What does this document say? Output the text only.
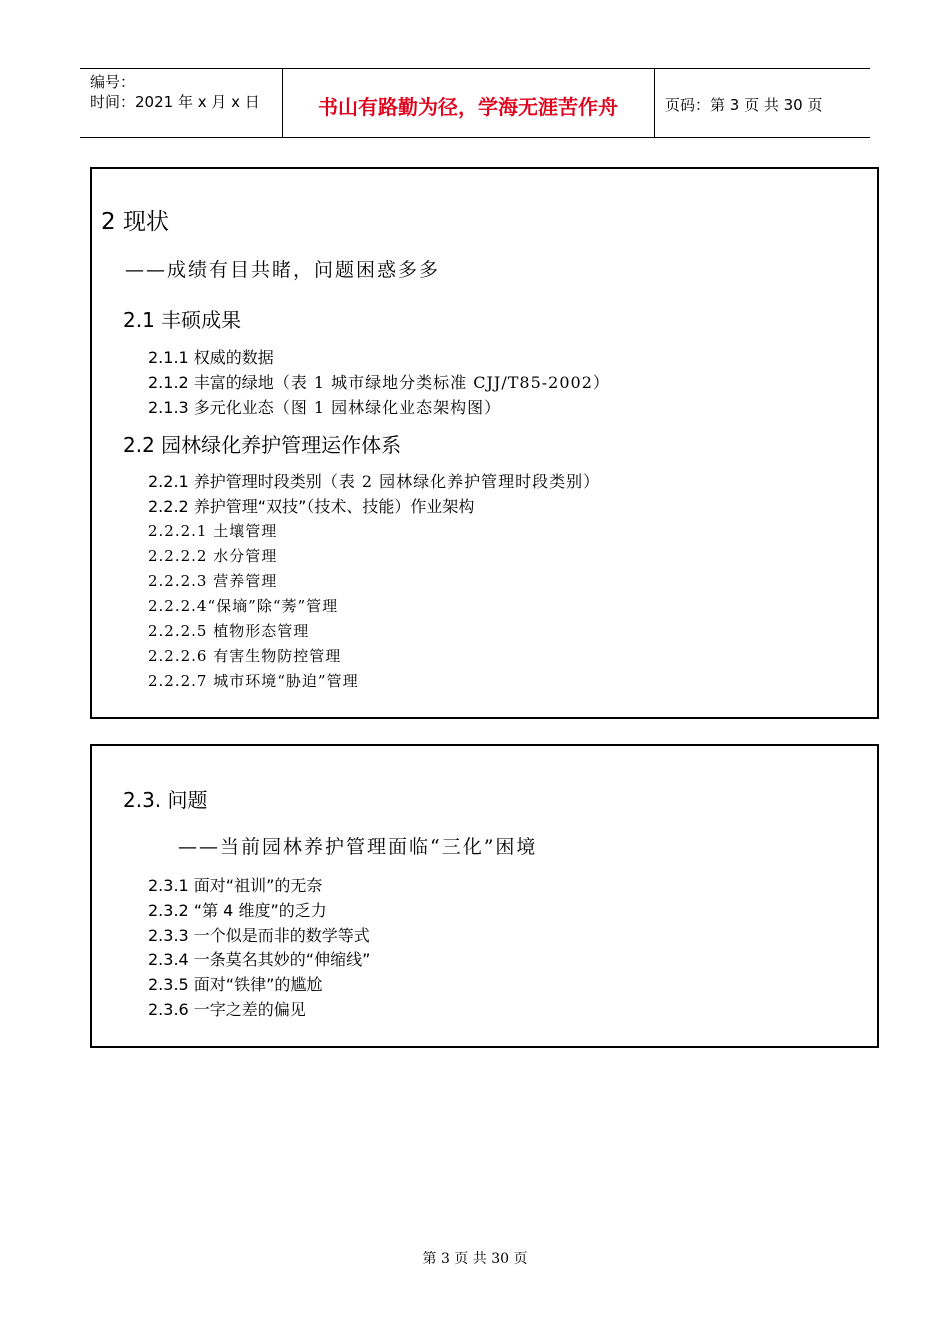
编号：
时间：2021 年 x 月 x 日	书山有路勤为径，学海无涯苦作舟	页码：第 3 页 共 30 页
2 现状
——成绩有目共睹，问题困惑多多
2.1 丰硕成果
2.1.1 权威的数据
2.1.2 丰富的绿地（表 1 城市绿地分类标准 CJJ/T85-2002）
2.1.3 多元化业态（图 1 园林绿化业态架构图）
2.2 园林绿化养护管理运作体系
2.2.1 养护管理时段类别（表 2 园林绿化养护管理时段类别）
2.2.2 养护管理“双技”（技术、技能）作业架构
2.2.2.1 土壤管理
2.2.2.2 水分管理
2.2.2.3 营养管理
2.2.2.4“保墒”除“莠”管理
2.2.2.5 植物形态管理
2.2.2.6 有害生物防控管理
2.2.2.7 城市环境“胁迫”管理
2.3. 问题
——当前园林养护管理面临“三化”困境
2.3.1 面对“祖训”的无奈
2.3.2 “第 4 维度”的乏力
2.3.3 一个似是而非的数学等式
2.3.4 一条莫名其妙的“伸缩线”
2.3.5 面对“铁律”的尴尬
2.3.6 一字之差的偏见
第 3 页 共 30 页
